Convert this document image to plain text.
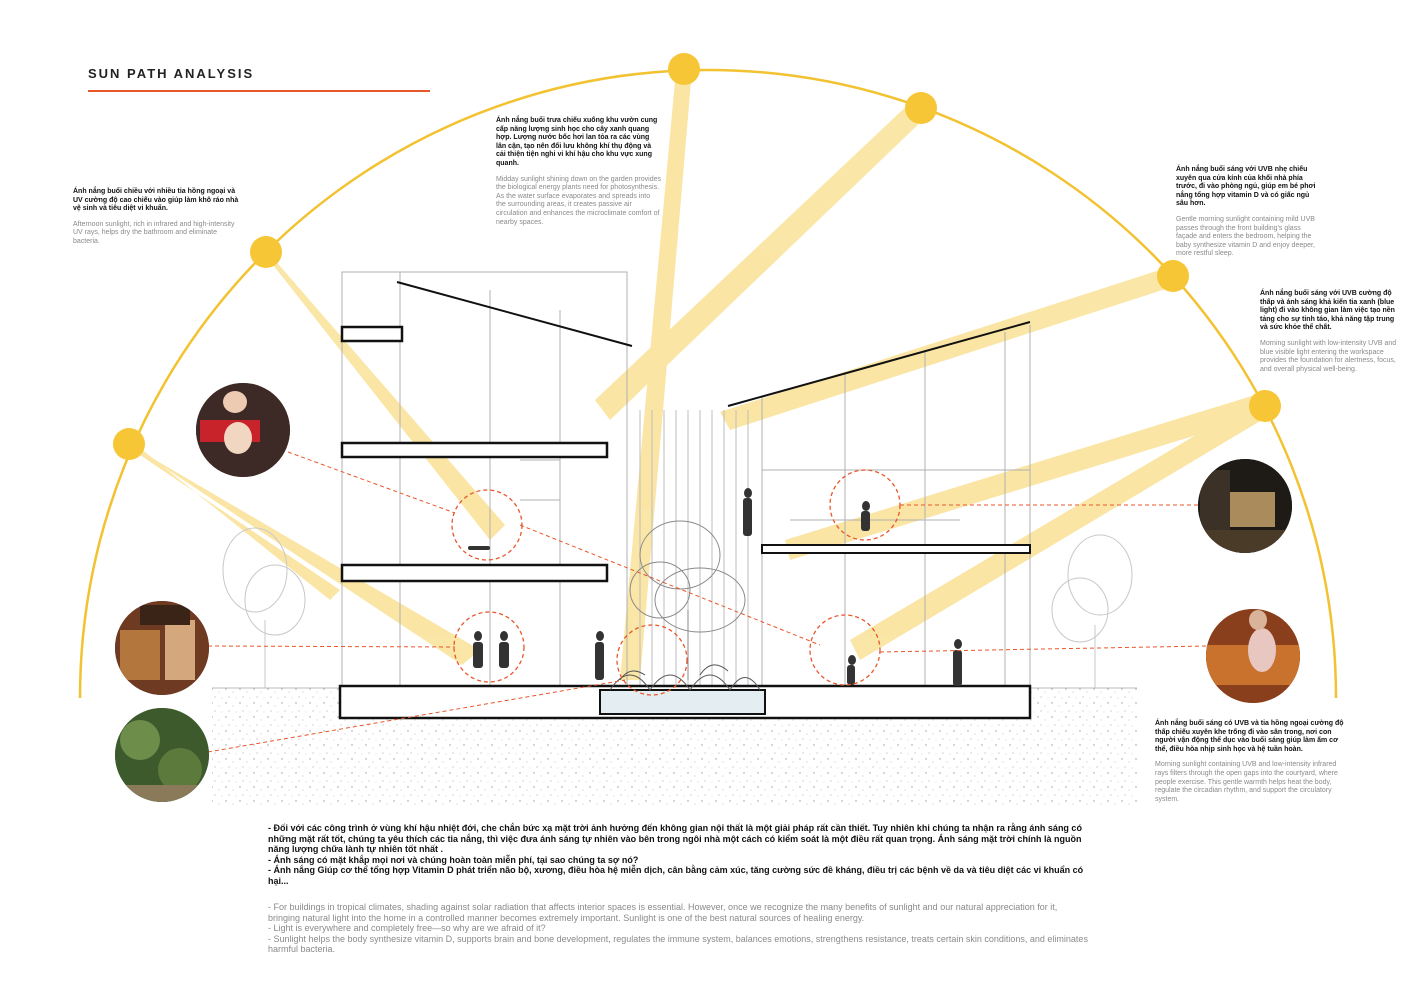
SUN PATH ANALYSIS
Ánh nắng buổi chiều với nhiều tia hồng ngoại và UV cường độ cao chiếu vào giúp làm khô ráo nhà vệ sinh và tiêu diệt vi khuẩn.
Afternoon sunlight, rich in infrared and high-intensity UV rays, helps dry the bathroom and eliminate bacteria.
Ánh nắng buổi trưa chiếu xuống khu vườn cung cấp năng lượng sinh học cho cây xanh quang hợp. Lượng nước bốc hơi lan tỏa ra các vùng lân cận, tạo nên đối lưu không khí thụ động và cải thiện tiện nghi vi khí hậu cho khu vực xung quanh.
Midday sunlight shining down on the garden provides the biological energy plants need for photosynthesis. As the water surface evaporates and spreads into the surrounding areas, it creates passive air circulation and enhances the microclimate comfort of nearby spaces.
Ánh nắng buổi sáng với UVB nhẹ chiếu xuyên qua cửa kính của khối nhà phía trước, đi vào phòng ngủ, giúp em bé phơi nắng tổng hợp vitamin D và có giấc ngủ sâu hơn.
Gentle morning sunlight containing mild UVB passes through the front building's glass façade and enters the bedroom, helping the baby synthesize vitamin D and enjoy deeper, more restful sleep.
Ánh nắng buổi sáng với UVB cường độ thấp và ánh sáng khả kiến tia xanh (blue light) đi vào không gian làm việc tạo nền tảng cho sự tỉnh táo, khả năng tập trung và sức khỏe thể chất.
Morning sunlight with low-intensity UVB and blue visible light entering the workspace provides the foundation for alertness, focus, and overall physical well-being.
Ánh nắng buổi sáng có UVB và tia hồng ngoại cường độ thấp chiếu xuyên khe trống đi vào sân trong, nơi con người vận động thể dục vào buổi sáng giúp làm ấm cơ thể, điều hòa nhịp sinh học và hệ tuần hoàn.
Morning sunlight containing UVB and low-intensity infrared rays filters through the open gaps into the courtyard, where people exercise. This gentle warmth helps heat the body, regulate the circadian rhythm, and support the circulatory system.
- Đối với các công trình ở vùng khí hậu nhiệt đới, che chắn bức xạ mặt trời ảnh hưởng đến không gian nội thất là một giải pháp rất cần thiết. Tuy nhiên khi chúng ta nhận ra rằng ánh sáng có những mặt rất tốt, chúng ta yêu thích các tia nắng, thì việc đưa ánh sáng tự nhiên vào bên trong ngôi nhà một cách có kiểm soát là một điều rất quan trọng. Ánh sáng mặt trời chính là nguồn năng lượng chữa lành tự nhiên tốt nhất .
- Ánh sáng có mặt khắp mọi nơi và chúng hoàn toàn miễn phí, tại sao chúng ta sợ nó?
- Ánh nắng Giúp cơ thể tổng hợp Vitamin D phát triển não bộ, xương, điều hòa hệ miễn dịch, cân bằng cảm xúc, tăng cường sức đề kháng, điều trị các bệnh về da và tiêu diệt các vi khuẩn có hại...
- For buildings in tropical climates, shading against solar radiation that affects interior spaces is essential. However, once we recognize the many benefits of sunlight and our natural appreciation for it, bringing natural light into the home in a controlled manner becomes extremely important. Sunlight is one of the best natural sources of healing energy.
- Light is everywhere and completely free—so why are we afraid of it?
- Sunlight helps the body synthesize vitamin D, supports brain and bone development, regulates the immune system, balances emotions, strengthens resistance, treats certain skin conditions, and eliminates harmful bacteria.
